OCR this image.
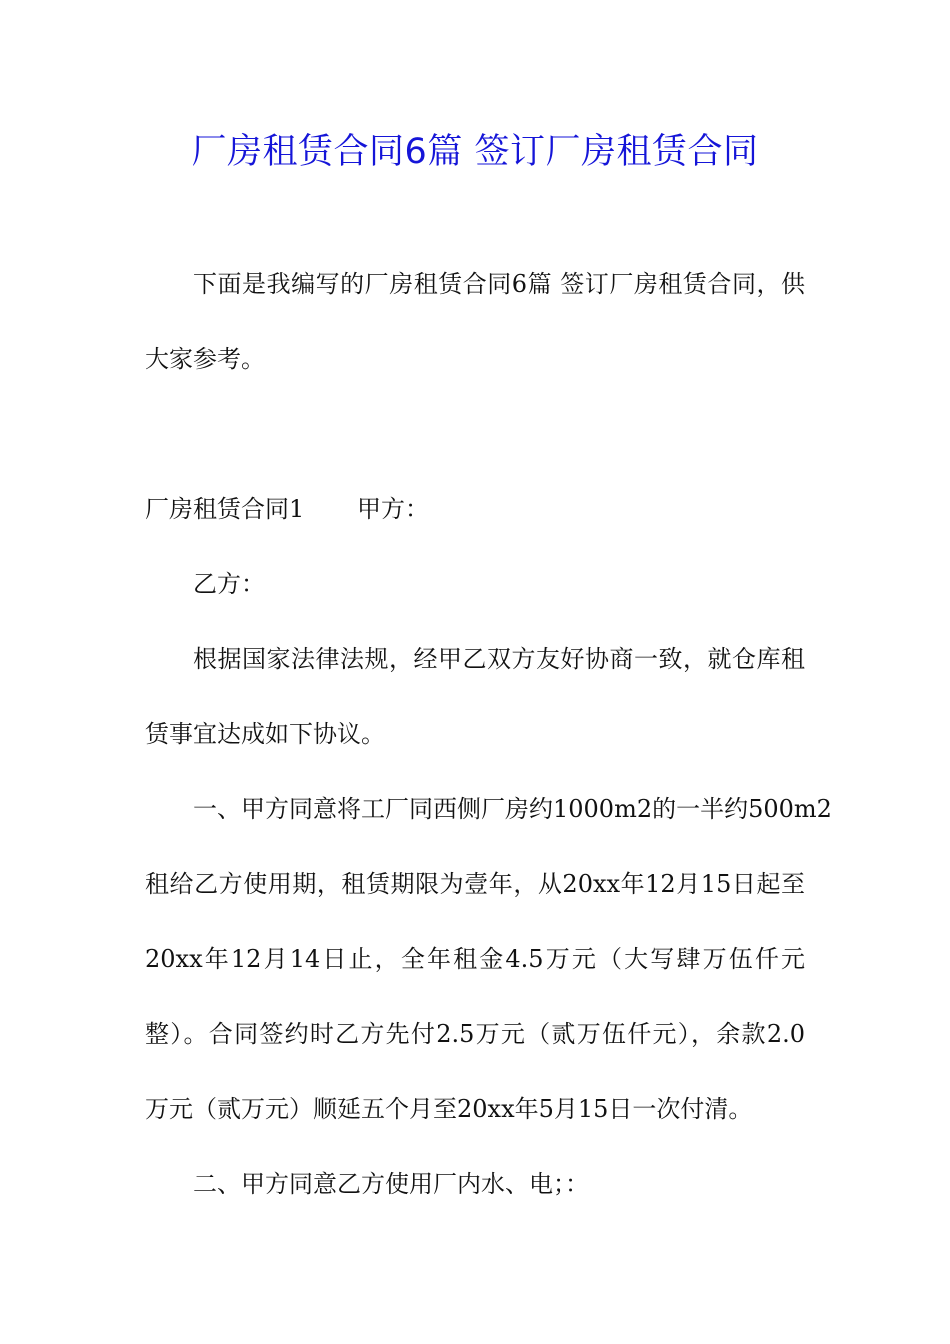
厂房租赁合同6篇 签订厂房租赁合同
下面是我编写的厂房租赁合同6篇 签订厂房租赁合同，供
大家参考。
厂房租赁合同1 甲方：
乙方：
根据国家法律法规，经甲乙双方友好协商一致，就仓库租
赁事宜达成如下协议。
一、甲方同意将工厂同西侧厂房约1000m2的一半约500m2
租给乙方使用期，租赁期限为壹年，从20xx年12月15日起至
20xx年12月14日止，全年租金4.5万元（大写肆万伍仟元
整）。合同签约时乙方先付2.5万元（贰万伍仟元），余款2.0
万元（贰万元）顺延五个月至20xx年5月15日一次付清。
二、甲方同意乙方使用厂内水、电；：
